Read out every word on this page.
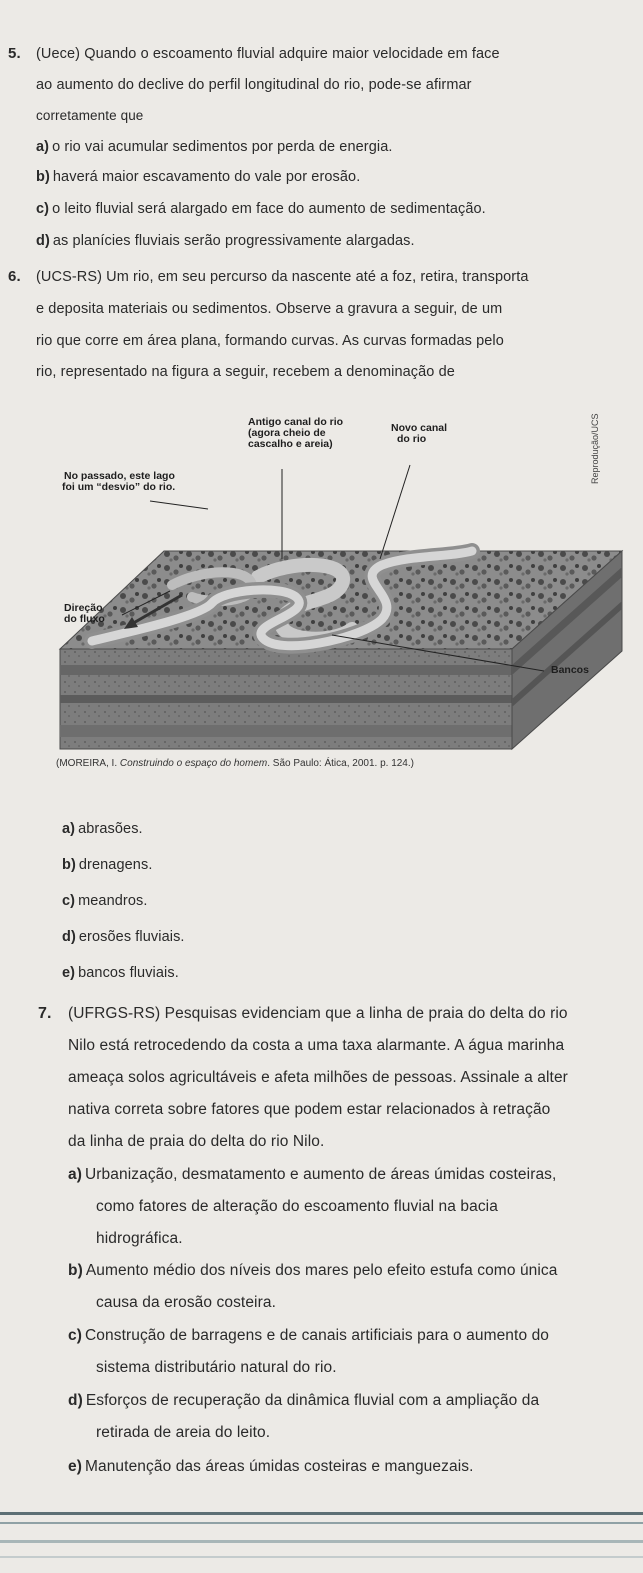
5. (Uece) Quando o escoamento fluvial adquire maior velocidade em face
ao aumento do declive do perfil longitudinal do rio, pode-se afirmar
corretamente que
a) o rio vai acumular sedimentos por perda de energia.
b) haverá maior escavamento do vale por erosão.
c) o leito fluvial será alargado em face do aumento de sedimentação.
d) as planícies fluviais serão progressivamente alargadas.
6. (UCS-RS) Um rio, em seu percurso da nascente até a foz, retira, transporta
e deposita materiais ou sedimentos. Observe a gravura a seguir, de um
rio que corre em área plana, formando curvas. As curvas formadas pelo
rio, representado na figura a seguir, recebem a denominação de
Antigo canal do rio
(agora cheio de
cascalho e areia)
Novo canal
do rio
No passado, este lago
foi um “desvio” do rio.
Direção
do fluxo
Bancos
Reprodução/UCS
(MOREIRA, I. Construindo o espaço do homem. São Paulo: Ática, 2001. p. 124.)
a) abrasões.
b) drenagens.
c) meandros.
d) erosões fluviais.
e) bancos fluviais.
7. (UFRGS-RS) Pesquisas evidenciam que a linha de praia do delta do rio
Nilo está retrocedendo da costa a uma taxa alarmante. A água marinha
ameaça solos agricultáveis e afeta milhões de pessoas. Assinale a alter
nativa correta sobre fatores que podem estar relacionados à retração
da linha de praia do delta do rio Nilo.
a) Urbanização, desmatamento e aumento de áreas úmidas costeiras,
como fatores de alteração do escoamento fluvial na bacia
hidrográfica.
b) Aumento médio dos níveis dos mares pelo efeito estufa como única
causa da erosão costeira.
c) Construção de barragens e de canais artificiais para o aumento do
sistema distributário natural do rio.
d) Esforços de recuperação da dinâmica fluvial com a ampliação da
retirada de areia do leito.
e) Manutenção das áreas úmidas costeiras e manguezais.
